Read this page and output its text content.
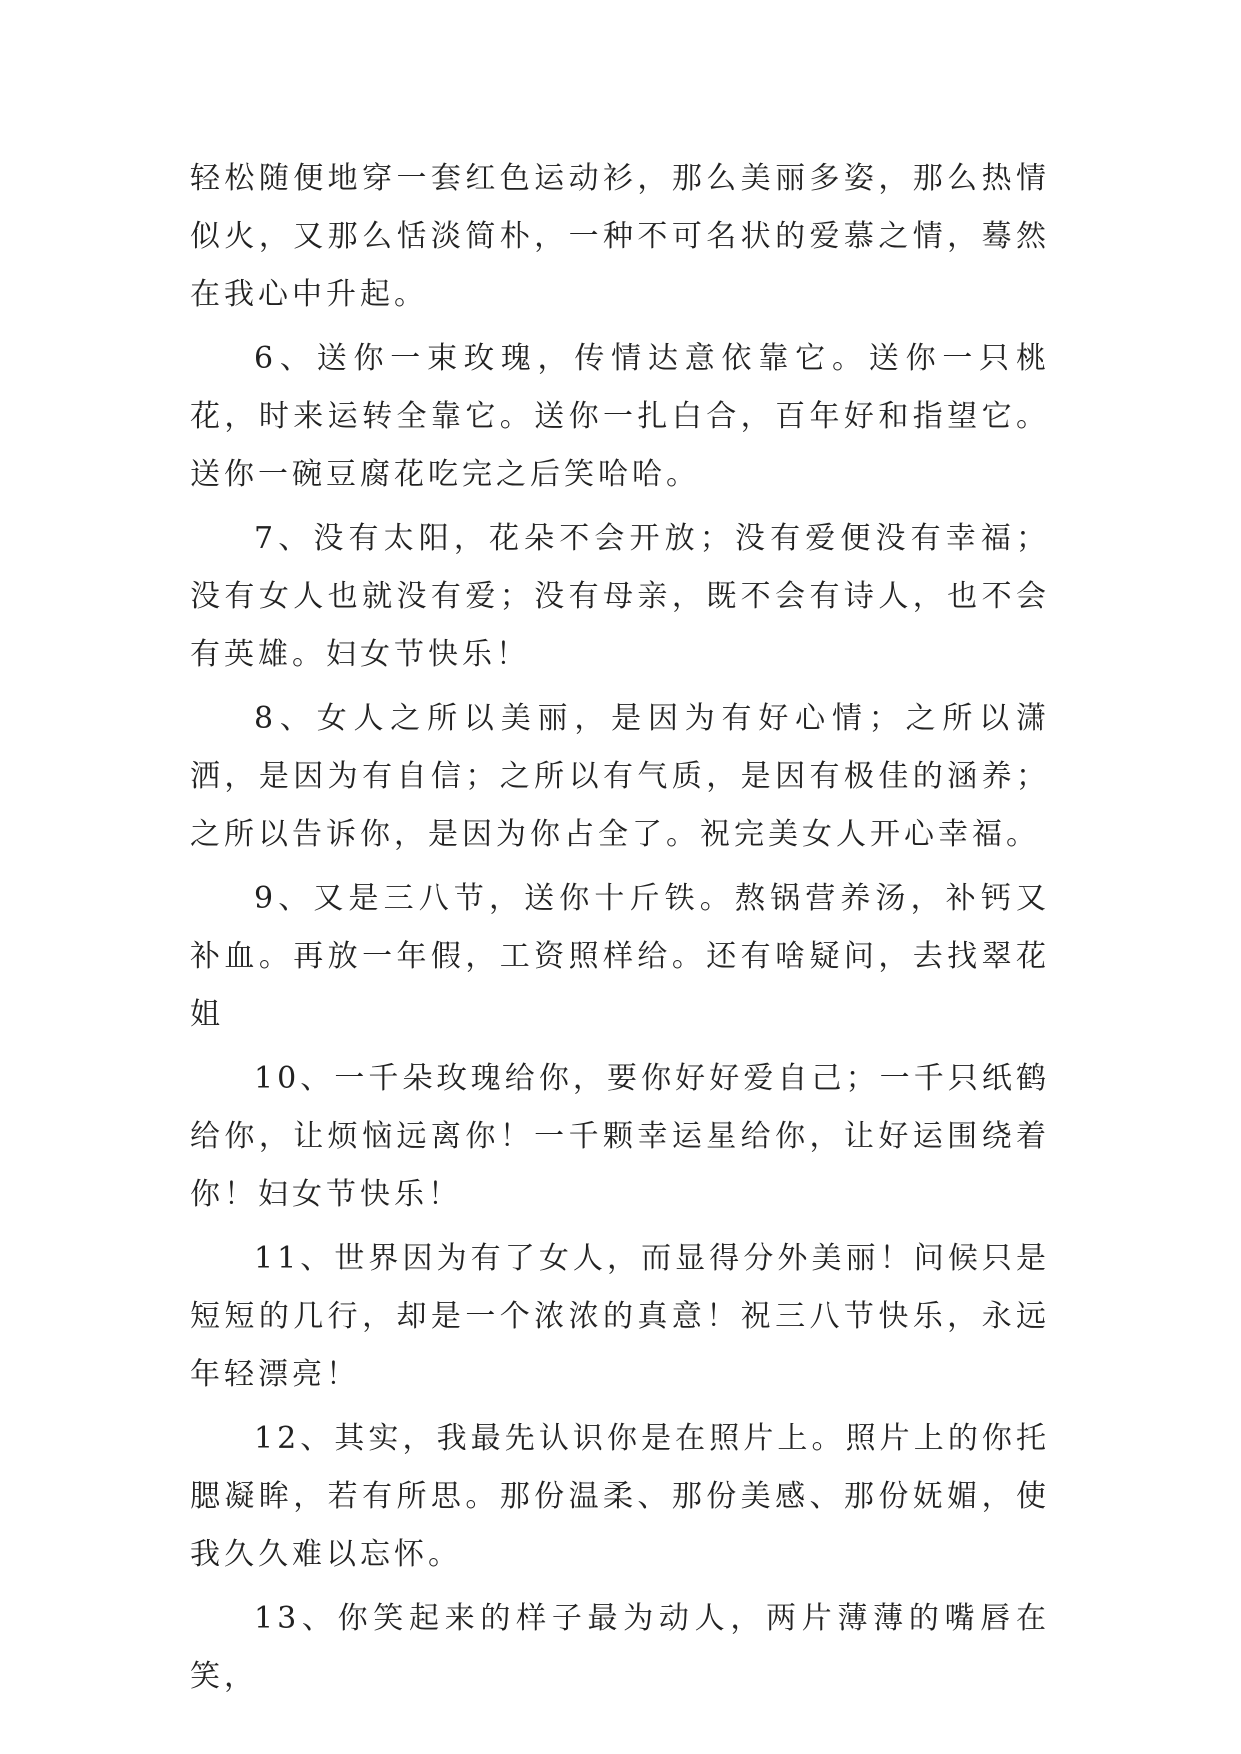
轻松随便地穿一套红色运动衫，那么美丽多姿，那么热情似火，又那么恬淡简朴，一种不可名状的爱慕之情，蓦然在我心中升起。

6、送你一束玫瑰，传情达意依靠它。送你一只桃花，时来运转全靠它。送你一扎白合，百年好和指望它。送你一碗豆腐花吃完之后笑哈哈。

7、没有太阳，花朵不会开放；没有爱便没有幸福；没有女人也就没有爱；没有母亲，既不会有诗人，也不会有英雄。妇女节快乐！

8、女人之所以美丽，是因为有好心情；之所以潇洒，是因为有自信；之所以有气质，是因有极佳的涵养；之所以告诉你，是因为你占全了。祝完美女人开心幸福。

9、又是三八节，送你十斤铁。熬锅营养汤，补钙又补血。再放一年假，工资照样给。还有啥疑问，去找翠花姐

10、一千朵玫瑰给你，要你好好爱自己；一千只纸鹤给你，让烦恼远离你！一千颗幸运星给你，让好运围绕着你！妇女节快乐！

11、世界因为有了女人，而显得分外美丽！问候只是短短的几行，却是一个浓浓的真意！祝三八节快乐，永远年轻漂亮！

12、其实，我最先认识你是在照片上。照片上的你托腮凝眸，若有所思。那份温柔、那份美感、那份妩媚，使我久久难以忘怀。

13、你笑起来的样子最为动人，两片薄薄的嘴唇在笑，
